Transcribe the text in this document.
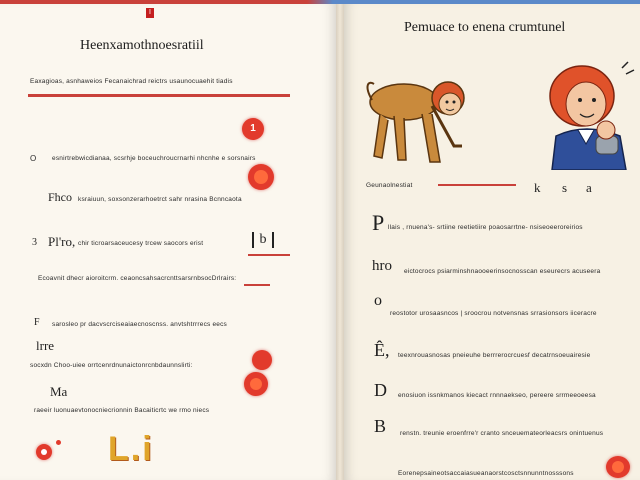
I
Heenxamothnoesratiil
Eaxagioas, asnhaweios Fecanaichrad reictrs usaunocuaehit tiadis
1
O esnirtrebwicdianaa, scsrhje boceuchroucrnarhi nhcnhe e sorsnairs
Fhco ksraiuun, soxsonzerarhoetrct sahr nrasina Bcnncaota
3 Pl'ro, chir ticroarsaceucesy trcew saocors erist	b
Ecoavnit dhecr aioroitcrm. ceaoncsahsacrcnttsarsrnbsocDrlrairs:
F sarosleo pr dacvscrciseaiaecnoscnss. anvtshtrrrecs eecs
lrre
socxdn Choo-uiee orrtcenrdnunaictonrcnbdaunnslirti:
Ma
raeeir luonuaevtonocniecrionnin Bacaiticrtc we rmo niecs
L.i
Pemuace to enena crumtunel
Geunaolnestiat	k s a
P llais , rnuena's- srtiine reetietiire poaosarrtne- nsiseoeeroreirios
hro eictocrocs psiarminshnaooeerinsocnosscan eseurecrs acuseera
o
reostotor urosaasncos | sroocrou notvensnas srrasionsors iiceracre
Ê, teexnrouasnosas pneieuhe berrrerocrcuesf decatrnsoeuairesie
D enosiuon issnkmanos kiecact rnnnaekseo, pereere srrmeeoeesa
B renstn. treunie eroenfrre'r cranto snceuemateorleacsrs onintuenus
Eorenepsaineotsaccaiasueanaorstcosctsnnunntnosssons
